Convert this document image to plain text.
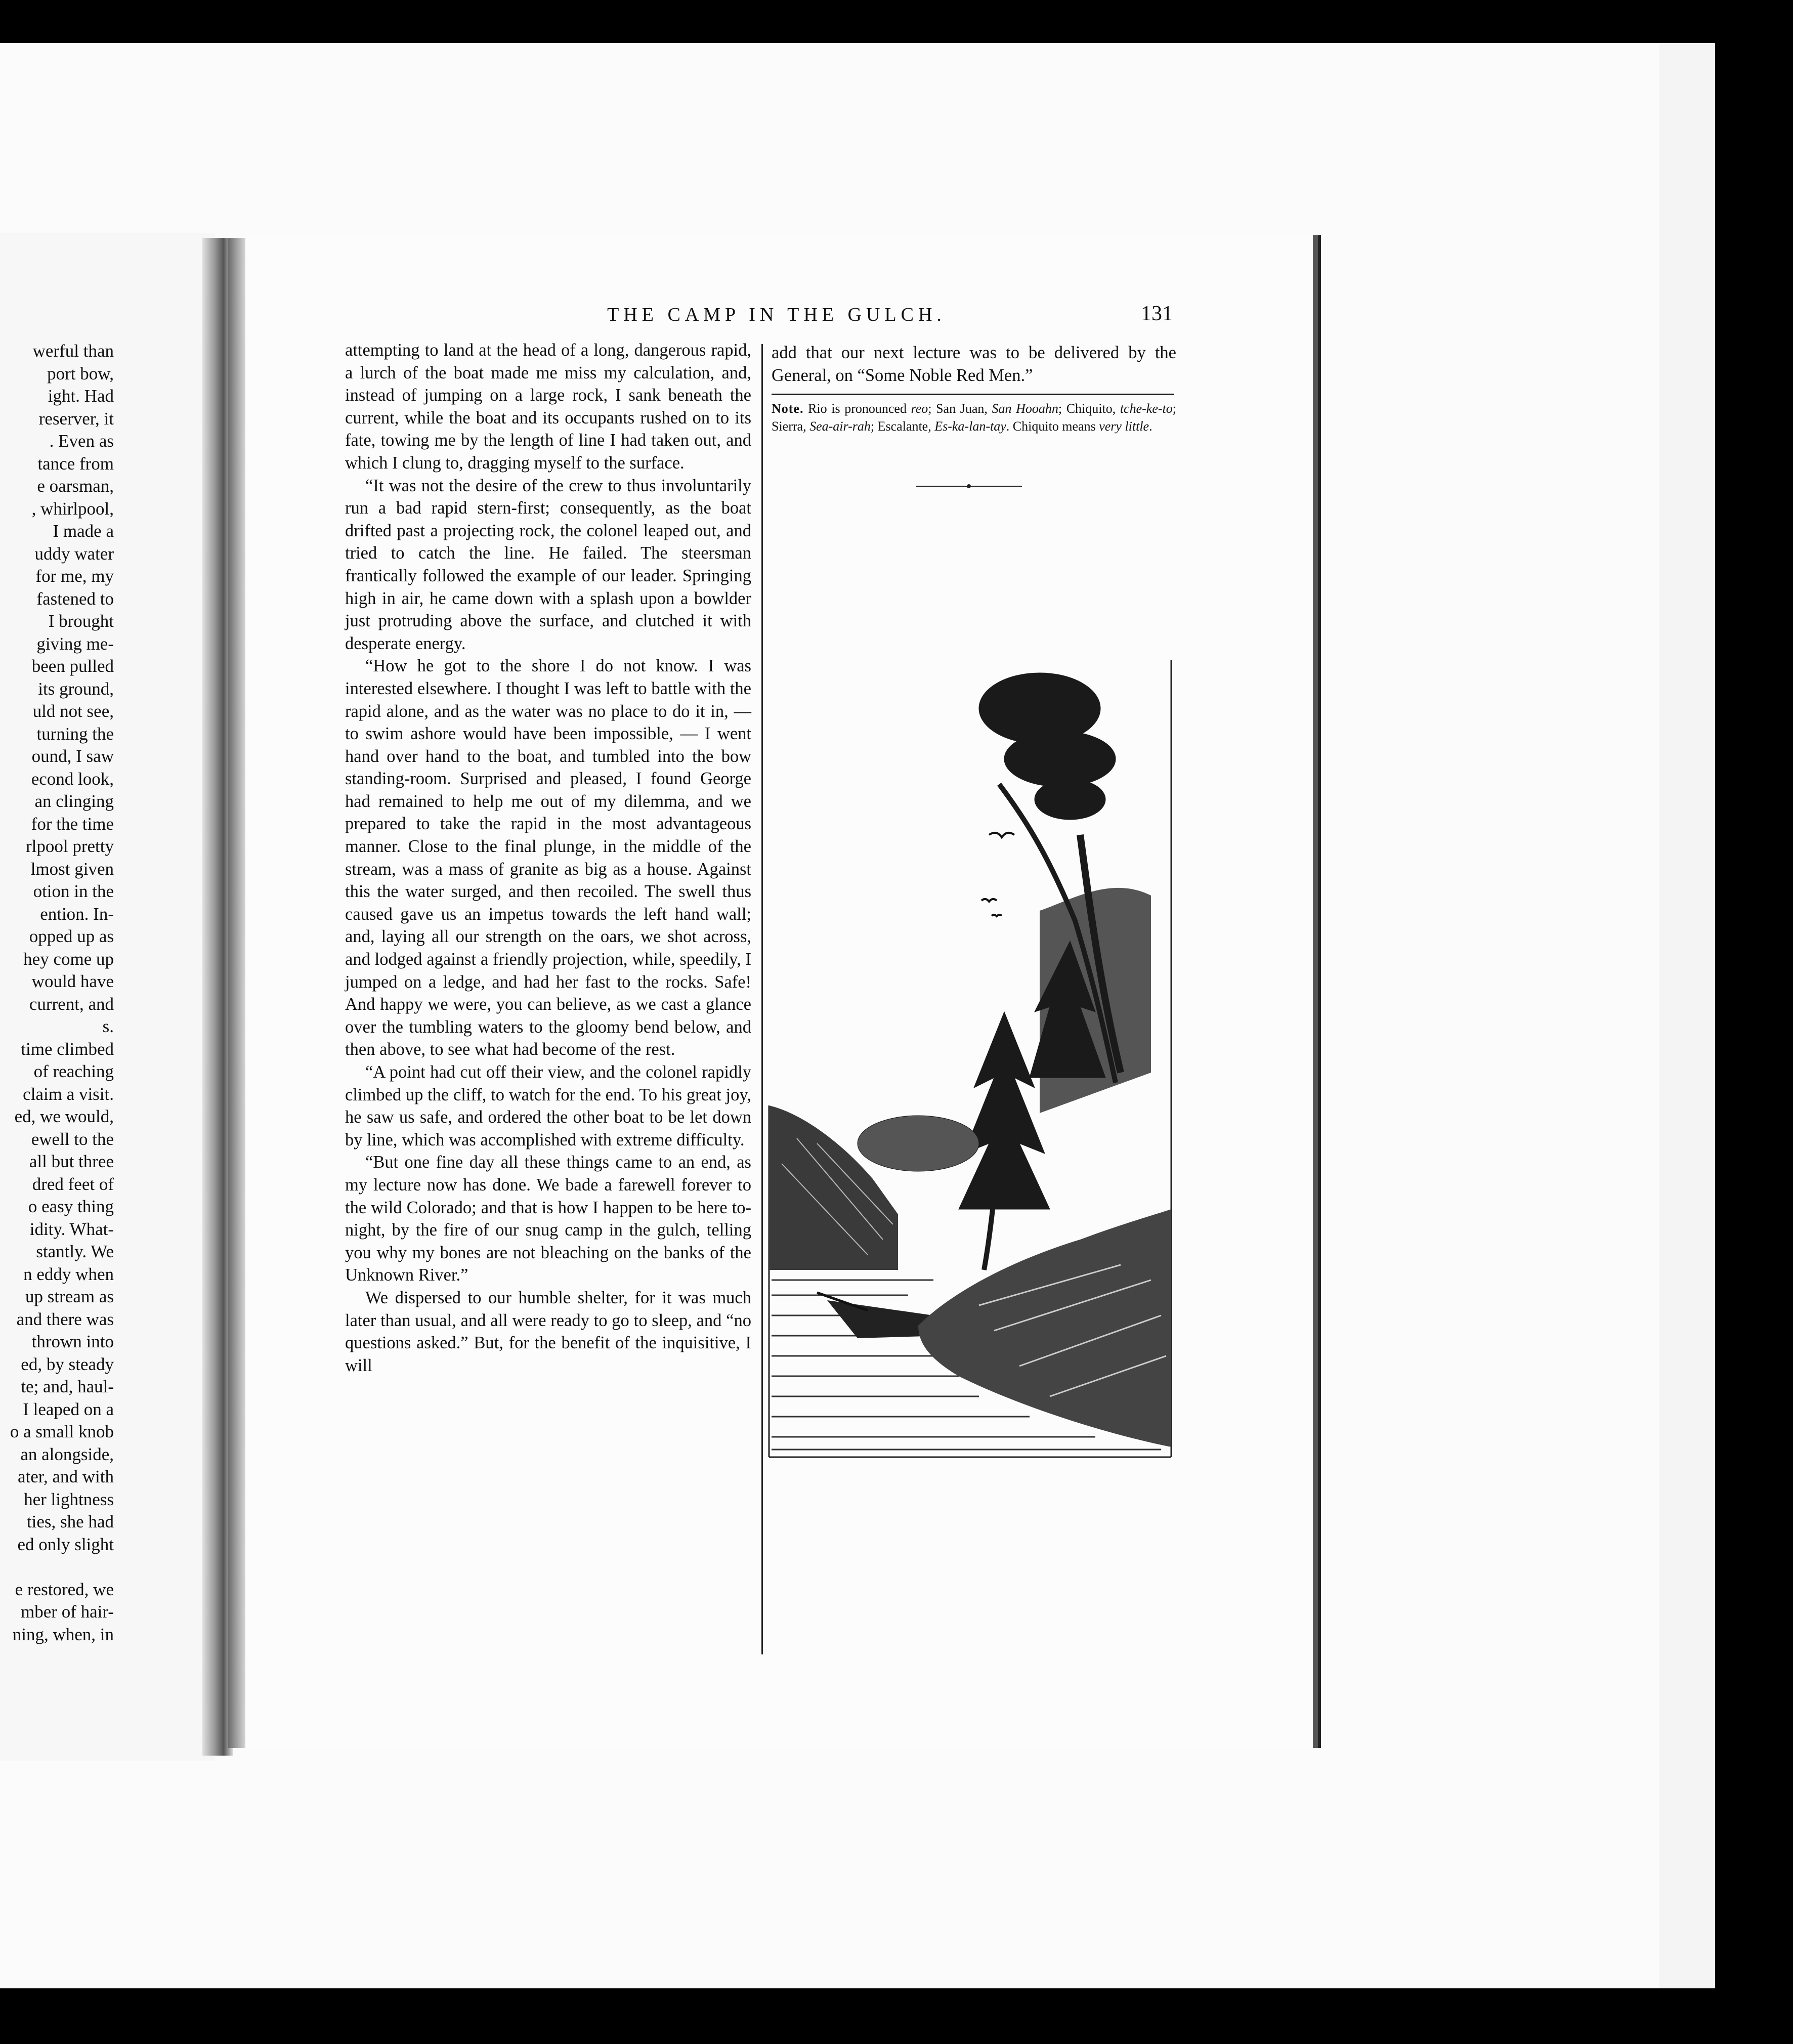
werful than
port bow,
ight. Had
reserver, it
. Even as
tance from
e oarsman,
, whirlpool,
I made a
uddy water
for me, my
fastened to
I brought
giving me-
been pulled
its ground,
uld not see,
turning the
ound, I saw
econd look,
an clinging
for the time
rlpool pretty
lmost given
otion in the
ention. In-
opped up as
hey come up
would have
current, and
s.
time climbed
of reaching
claim a visit.
ed, we would,
ewell to the
all but three
dred feet of
o easy thing
idity. What-
stantly. We
n eddy when
up stream as
and there was
thrown into
ed, by steady
te; and, haul-
I leaped on a
o a small knob
an alongside,
ater, and with
her lightness
ties, she had
ed only slight

e restored, we
mber of hair-
ning, when, in
THE CAMP IN THE GULCH.	131

attempting to land at the head of a long, dangerous rapid, a lurch of the boat made me miss my calculation, and, instead of jumping on a large rock, I sank beneath the current, while the boat and its occupants rushed on to its fate, towing me by the length of line I had taken out, and which I clung to, dragging myself to the surface.

“It was not the desire of the crew to thus involuntarily run a bad rapid stern-first; consequently, as the boat drifted past a projecting rock, the colonel leaped out, and tried to catch the line. He failed. The steersman frantically followed the example of our leader. Springing high in air, he came down with a splash upon a bowlder just protruding above the surface, and clutched it with desperate energy.

“How he got to the shore I do not know. I was interested elsewhere. I thought I was left to battle with the rapid alone, and as the water was no place to do it in, — to swim ashore would have been impossible, — I went hand over hand to the boat, and tumbled into the bow standing-room. Surprised and pleased, I found George had remained to help me out of my dilemma, and we prepared to take the rapid in the most advantageous manner. Close to the final plunge, in the middle of the stream, was a mass of granite as big as a house. Against this the water surged, and then recoiled. The swell thus caused gave us an impetus towards the left hand wall; and, laying all our strength on the oars, we shot across, and lodged against a friendly projection, while, speedily, I jumped on a ledge, and had her fast to the rocks. Safe! And happy we were, you can believe, as we cast a glance over the tumbling waters to the gloomy bend below, and then above, to see what had become of the rest.

“A point had cut off their view, and the colonel rapidly climbed up the cliff, to watch for the end. To his great joy, he saw us safe, and ordered the other boat to be let down by line, which was accomplished with extreme difficulty.

“But one fine day all these things came to an end, as my lecture now has done. We bade a farewell forever to the wild Colorado; and that is how I happen to be here to-night, by the fire of our snug camp in the gulch, telling you why my bones are not bleaching on the banks of the Unknown River.”

We dispersed to our humble shelter, for it was much later than usual, and all were ready to go to sleep, and “no questions asked.” But, for the benefit of the inquisitive, I will

add that our next lecture was to be delivered by the General, on “Some Noble Red Men.”
Note. Rio is pronounced reo; San Juan, San Hooahn; Chiquito, tche-ke-to; Sierra, Sea-air-rah; Escalante, Es-ka-lan-tay. Chiquito means very little.
